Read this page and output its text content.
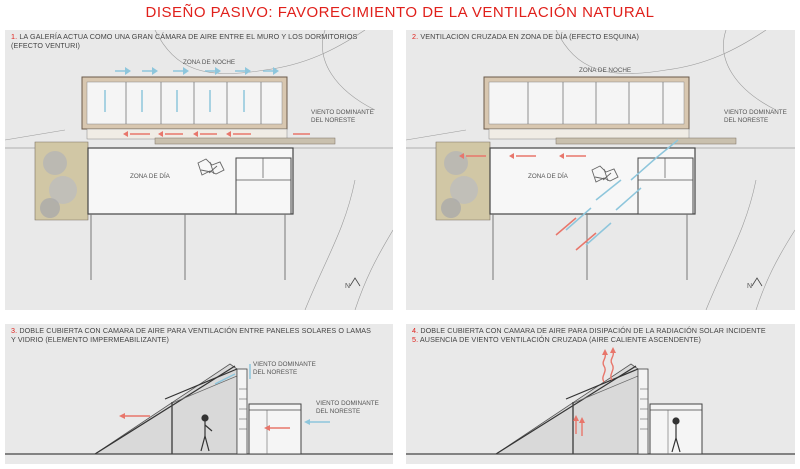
DISEÑO PASIVO: FAVORECIMIENTO DE LA VENTILACIÓN NATURAL
1. LA GALERÍA ACTUA COMO UNA GRAN CÁMARA DE AIRE ENTRE EL MURO Y LOS DORMITORIOS
(EFECTO VENTURI)
ZONA DE NOCHE
ZONA DE DÍA
VIENTO DOMINANTE
DEL NORESTE
N
2. VENTILACION CRUZADA EN ZONA DE DÍA (EFECTO ESQUINA)
ZONA DE NOCHE
ZONA DE DÍA
VIENTO DOMINANTE
DEL NORESTE
N
3. DOBLE CUBIERTA CON CAMARA DE AIRE PARA VENTILACIÓN ENTRE PANELES SOLARES O LAMAS
Y VIDRIO (ELEMENTO IMPERMEABILIZANTE)
VIENTO DOMINANTE
DEL NORESTE
VIENTO DOMINANTE
DEL NORESTE
4. DOBLE CUBIERTA CON CAMARA DE AIRE PARA DISIPACIÓN DE LA RADIACIÓN SOLAR INCIDENTE
5. AUSENCIA DE VIENTO VENTILACIÓN CRUZADA (AIRE CALIENTE ASCENDENTE)
